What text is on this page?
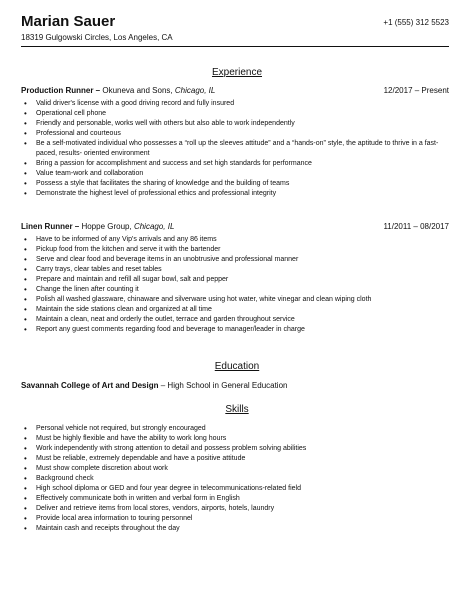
Marian Sauer	+1 (555) 312 5523
18319 Gulgowski Circles, Los Angeles, CA
Experience
Production Runner – Okuneva and Sons, Chicago, IL	12/2017 – Present
• Valid driver's license with a good driving record and fully insured
• Operational cell phone
• Friendly and personable, works well with others but also able to work independently
• Professional and courteous
• Be a self-motivated individual who possesses a “roll up the sleeves attitude” and a “hands-on” style, the aptitude to thrive in a fast-paced, results- oriented environment
• Bring a passion for accomplishment and success and set high standards for performance
• Value team-work and collaboration
• Possess a style that facilitates the sharing of knowledge and the building of teams
• Demonstrate the highest level of professional ethics and professional integrity
Linen Runner – Hoppe Group, Chicago, IL	11/2011 – 08/2017
• Have to be informed of any Vip's arrivals and any 86 items
• Pickup food from the kitchen and serve it with the bartender
• Serve and clear food and beverage items in an unobtrusive and professional manner
• Carry trays, clear tables and reset tables
• Prepare and maintain and refill all sugar bowl, salt and pepper
• Change the linen after counting it
• Polish all washed glassware, chinaware and silverware using hot water, white vinegar and clean wiping cloth
• Maintain the side stations clean and organized at all time
• Maintain a clean, neat and orderly the outlet, terrace and garden throughout service
• Report any guest comments regarding food and beverage to manager/leader in charge
Education
Savannah College of Art and Design – High School in General Education
Skills
• Personal vehicle not required, but strongly encouraged
• Must be highly flexible and have the ability to work long hours
• Work independently with strong attention to detail and possess problem solving abilities
• Must be reliable, extremely dependable and have a positive attitude
• Must show complete discretion about work
• Background check
• High school diploma or GED and four year degree in telecommunications-related field
• Effectively communicate both in written and verbal form in English
• Deliver and retrieve items from local stores, vendors, airports, hotels, laundry
• Provide local area information to touring personnel
• Maintain cash and receipts throughout the day
